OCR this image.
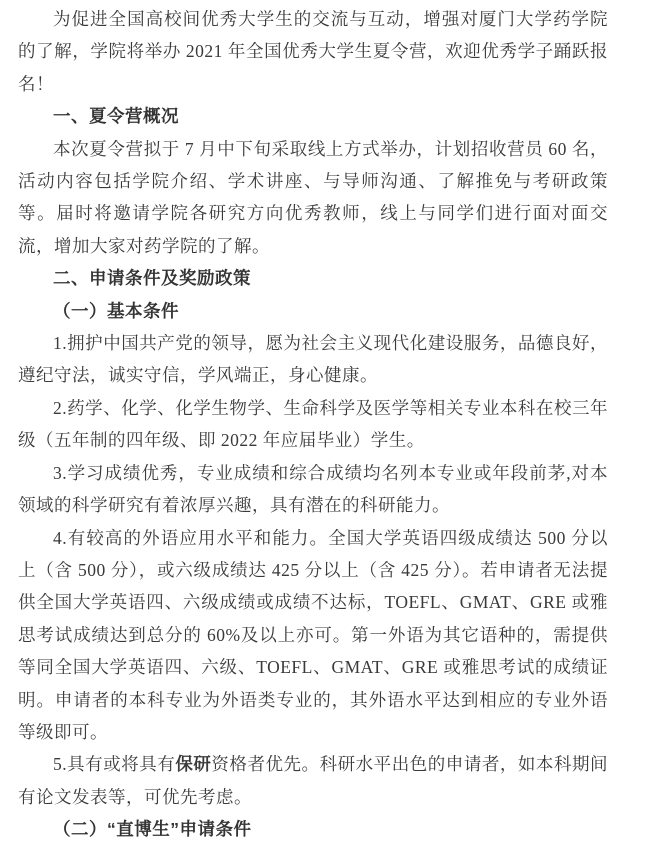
为促进全国高校间优秀大学生的交流与互动，增强对厦门大学药学院的了解，学院将举办 2021 年全国优秀大学生夏令营，欢迎优秀学子踊跃报名！

一、夏令营概况

本次夏令营拟于 7 月中下旬采取线上方式举办，计划招收营员 60 名，活动内容包括学院介绍、学术讲座、与导师沟通、了解推免与考研政策等。届时将邀请学院各研究方向优秀教师，线上与同学们进行面对面交流，增加大家对药学院的了解。

二、申请条件及奖励政策
（一）基本条件

1.拥护中国共产党的领导，愿为社会主义现代化建设服务，品德良好，遵纪守法，诚实守信，学风端正，身心健康。

2.药学、化学、化学生物学、生命科学及医学等相关专业本科在校三年级（五年制的四年级、即 2022 年应届毕业）学生。

3.学习成绩优秀，专业成绩和综合成绩均名列本专业或年段前茅,对本领域的科学研究有着浓厚兴趣，具有潜在的科研能力。

4.有较高的外语应用水平和能力。全国大学英语四级成绩达 500 分以上（含 500 分），或六级成绩达 425 分以上（含 425 分）。若申请者无法提供全国大学英语四、六级成绩或成绩不达标，TOEFL、GMAT、GRE 或雅思考试成绩达到总分的 60%及以上亦可。第一外语为其它语种的，需提供等同全国大学英语四、六级、TOEFL、GMAT、GRE 或雅思考试的成绩证明。申请者的本科专业为外语类专业的，其外语水平达到相应的专业外语等级即可。

5.具有或将具有保研资格者优先。科研水平出色的申请者，如本科期间有论文发表等，可优先考虑。

（二）“直博生”申请条件
